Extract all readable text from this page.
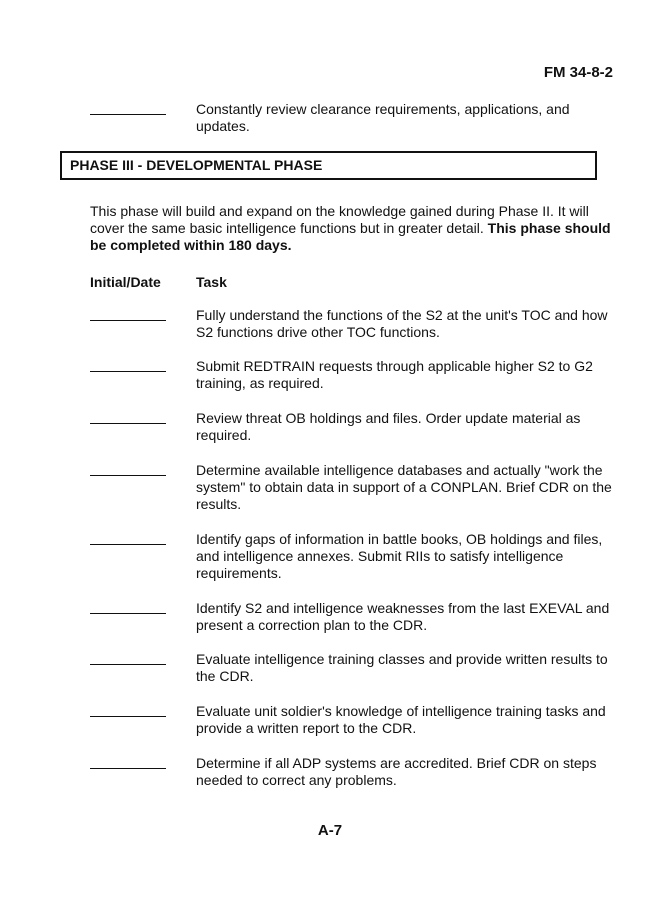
FM 34-8-2
Constantly review clearance requirements, applications, and updates.
PHASE III - DEVELOPMENTAL PHASE
This phase will build and expand on the knowledge gained during Phase II. It will cover the same basic intelligence functions but in greater detail. This phase should be completed within 180 days.
Initial/Date	Task
Fully understand the functions of the S2 at the unit's TOC and how S2 functions drive other TOC functions.
Submit REDTRAIN requests through applicable higher S2 to G2 training, as required.
Review threat OB holdings and files. Order update material as required.
Determine available intelligence databases and actually "work the system" to obtain data in support of a CONPLAN. Brief CDR on the results.
Identify gaps of information in battle books, OB holdings and files, and intelligence annexes. Submit RIIs to satisfy intelligence requirements.
Identify S2 and intelligence weaknesses from the last EXEVAL and present a correction plan to the CDR.
Evaluate intelligence training classes and provide written results to the CDR.
Evaluate unit soldier's knowledge of intelligence training tasks and provide a written report to the CDR.
Determine if all ADP systems are accredited. Brief CDR on steps needed to correct any problems.
A-7
